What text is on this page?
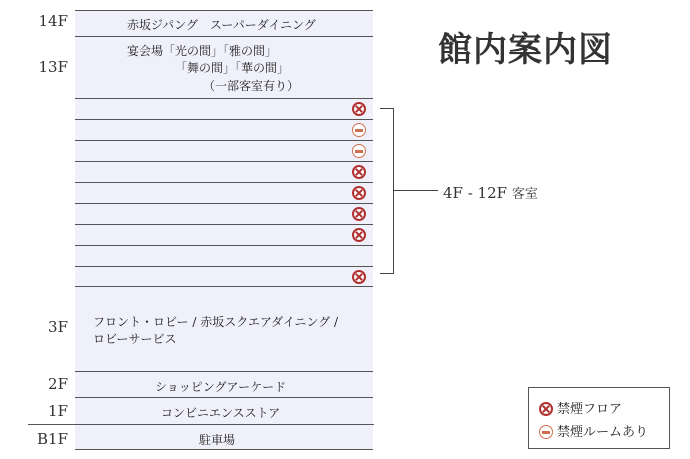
館内案内図
14F	赤坂ジパング　スーパーダイニング
13F
宴会場「光の間」「雅の間」
「舞の間」「華の間」
（一部客室有り）
4F - 12F 客室
3F フロント・ロビー / 赤坂スクエアダイニング /
ロビーサービス
2F	ショッピングアーケード
1F	コンビニエンスストア
B1F	駐車場
禁煙フロア
禁煙ルームあり
